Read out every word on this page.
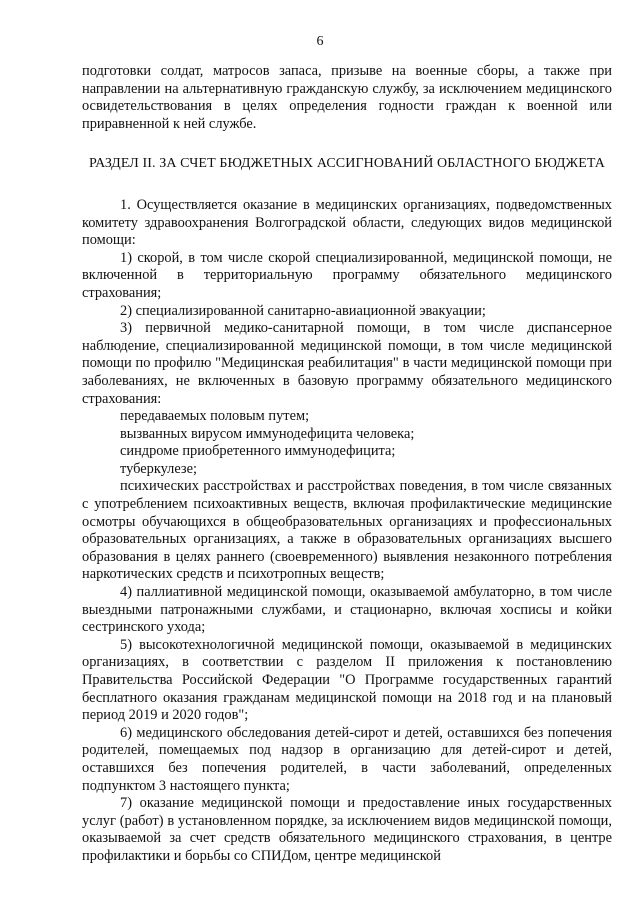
6

подготовки солдат, матросов запаса, призыве на военные сборы, а также при направлении на альтернативную гражданскую службу, за исключением медицинского освидетельствования в целях определения годности граждан к военной или приравненной к ней службе.

РАЗДЕЛ II. ЗА СЧЕТ БЮДЖЕТНЫХ АССИГНОВАНИЙ ОБЛАСТНОГО БЮДЖЕТА

1. Осуществляется оказание в медицинских организациях, подведомственных комитету здравоохранения Волгоградской области, следующих видов медицинской помощи:

1) скорой, в том числе скорой специализированной, медицинской помощи, не включенной в территориальную программу обязательного медицинского страхования;

2) специализированной санитарно-авиационной эвакуации;

3) первичной медико-санитарной помощи, в том числе диспансерное наблюдение, специализированной медицинской помощи, в том числе медицинской помощи по профилю "Медицинская реабилитация" в части медицинской помощи при заболеваниях, не включенных в базовую программу обязательного медицинского страхования:

передаваемых половым путем;

вызванных вирусом иммунодефицита человека;

синдроме приобретенного иммунодефицита;

туберкулезе;

психических расстройствах и расстройствах поведения, в том числе связанных с употреблением психоактивных веществ, включая профилактические медицинские осмотры обучающихся в общеобразовательных организациях и профессиональных образовательных организациях, а также в образовательных организациях высшего образования в целях раннего (своевременного) выявления незаконного потребления наркотических средств и психотропных веществ;

4) паллиативной медицинской помощи, оказываемой амбулаторно, в том числе выездными патронажными службами, и стационарно, включая хосписы и койки сестринского ухода;

5) высокотехнологичной медицинской помощи, оказываемой в медицинских организациях, в соответствии с разделом II приложения к постановлению Правительства Российской Федерации "О Программе государственных гарантий бесплатного оказания гражданам медицинской помощи на 2018 год и на плановый период 2019 и 2020 годов";

6) медицинского обследования детей-сирот и детей, оставшихся без попечения родителей, помещаемых под надзор в организацию для детей-сирот и детей, оставшихся без попечения родителей, в части заболеваний, определенных подпунктом 3 настоящего пункта;

7) оказание медицинской помощи и предоставление иных государственных услуг (работ) в установленном порядке, за исключением видов медицинской помощи, оказываемой за счет средств обязательного медицинского страхования, в центре профилактики и борьбы со СПИДом, центре медицинской
